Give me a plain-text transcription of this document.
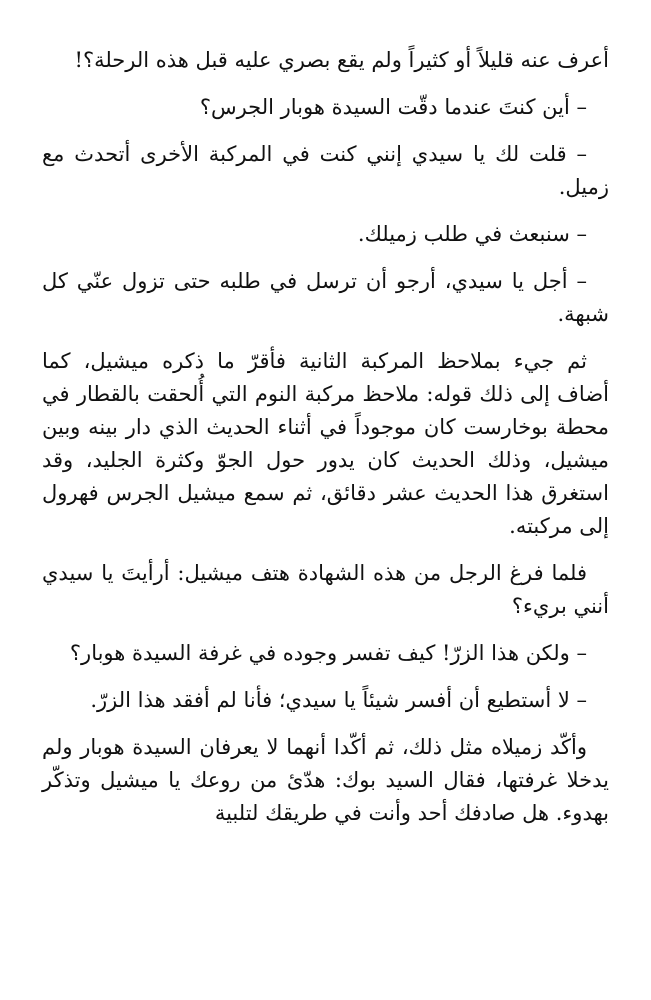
أعرف عنه قليلاً أو كثيراً ولم يقع بصري عليه قبل هذه الرحلة؟!

– أين كنتَ عندما دقّت السيدة هوبار الجرس؟

– قلت لك يا سيدي إنني كنت في المركبة الأخرى أتحدث مع زميل.

– سنبعث في طلب زميلك.

– أجل يا سيدي، أرجو أن ترسل في طلبه حتى تزول عنّي كل شبهة.

ثم جيء بملاحظ المركبة الثانية فأقرّ ما ذكره ميشيل، كما أضاف إلى ذلك قوله: ملاحظ مركبة النوم التي أُلحقت بالقطار في محطة بوخارست كان موجوداً في أثناء الحديث الذي دار بينه وبين ميشيل، وذلك الحديث كان يدور حول الجوّ وكثرة الجليد، وقد استغرق هذا الحديث عشر دقائق، ثم سمع ميشيل الجرس فهرول إلى مركبته.

فلما فرغ الرجل من هذه الشهادة هتف ميشيل: أرأيتَ يا سيدي أنني بريء؟

– ولكن هذا الزرّ! كيف تفسر وجوده في غرفة السيدة هوبار؟

– لا أستطيع أن أفسر شيئاً يا سيدي؛ فأنا لم أفقد هذا الزرّ.

وأكّد زميلاه مثل ذلك، ثم أكّدا أنهما لا يعرفان السيدة هوبار ولم يدخلا غرفتها، فقال السيد بوك: هدّئ من روعك يا ميشيل وتذكّر بهدوء. هل صادفك أحد وأنت في طريقك لتلبية
